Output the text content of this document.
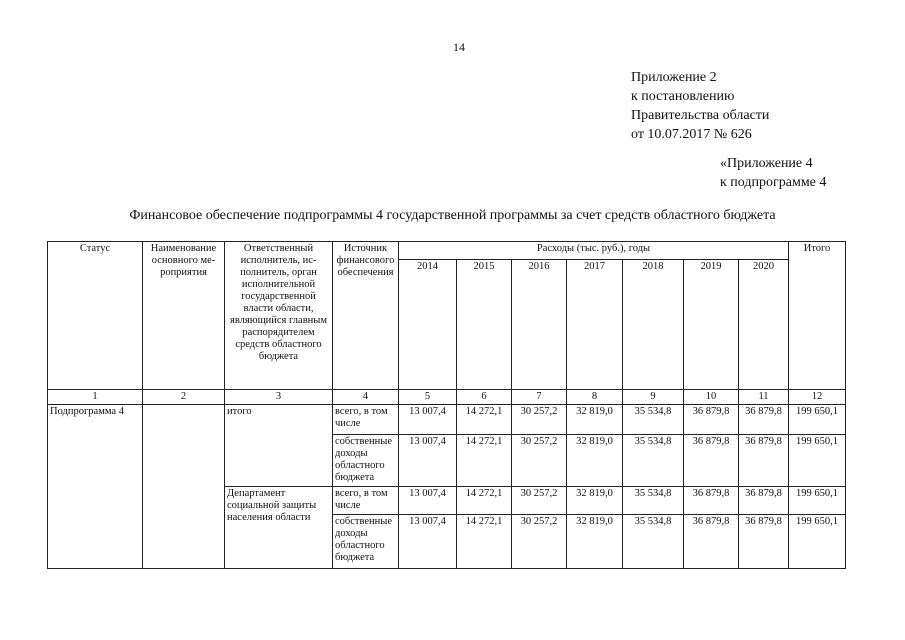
14
Приложение 2
к постановлению
Правительства области
от 10.07.2017 № 626
«Приложение 4
к подпрограмме 4
Финансовое обеспечение подпрограммы 4 государственной программы за счет средств областного бюджета
Статус	Наименование основного мероприятия	Ответственный исполнитель, исполнитель, орган исполнительной государственной власти области, являющийся главным распорядителем средств областного бюджета	Источник финансового обеспечения	Расходы (тыс. руб.), годы							Итого
				2014	2015	2016	2017	2018	2019	2020	
1	2	3	4	5	6	7	8	9	10	11	12
Подпрограмма 4		итого	всего, в том числе	13 007,4	14 272,1	30 257,2	32 819,0	35 534,8	36 879,8	36 879,8	199 650,1
			собственные доходы областного бюджета	13 007,4	14 272,1	30 257,2	32 819,0	35 534,8	36 879,8	36 879,8	199 650,1
		Департамент социальной защиты населения области	всего, в том числе	13 007,4	14 272,1	30 257,2	32 819,0	35 534,8	36 879,8	36 879,8	199 650,1
			собственные доходы областного бюджета	13 007,4	14 272,1	30 257,2	32 819,0	35 534,8	36 879,8	36 879,8	199 650,1
